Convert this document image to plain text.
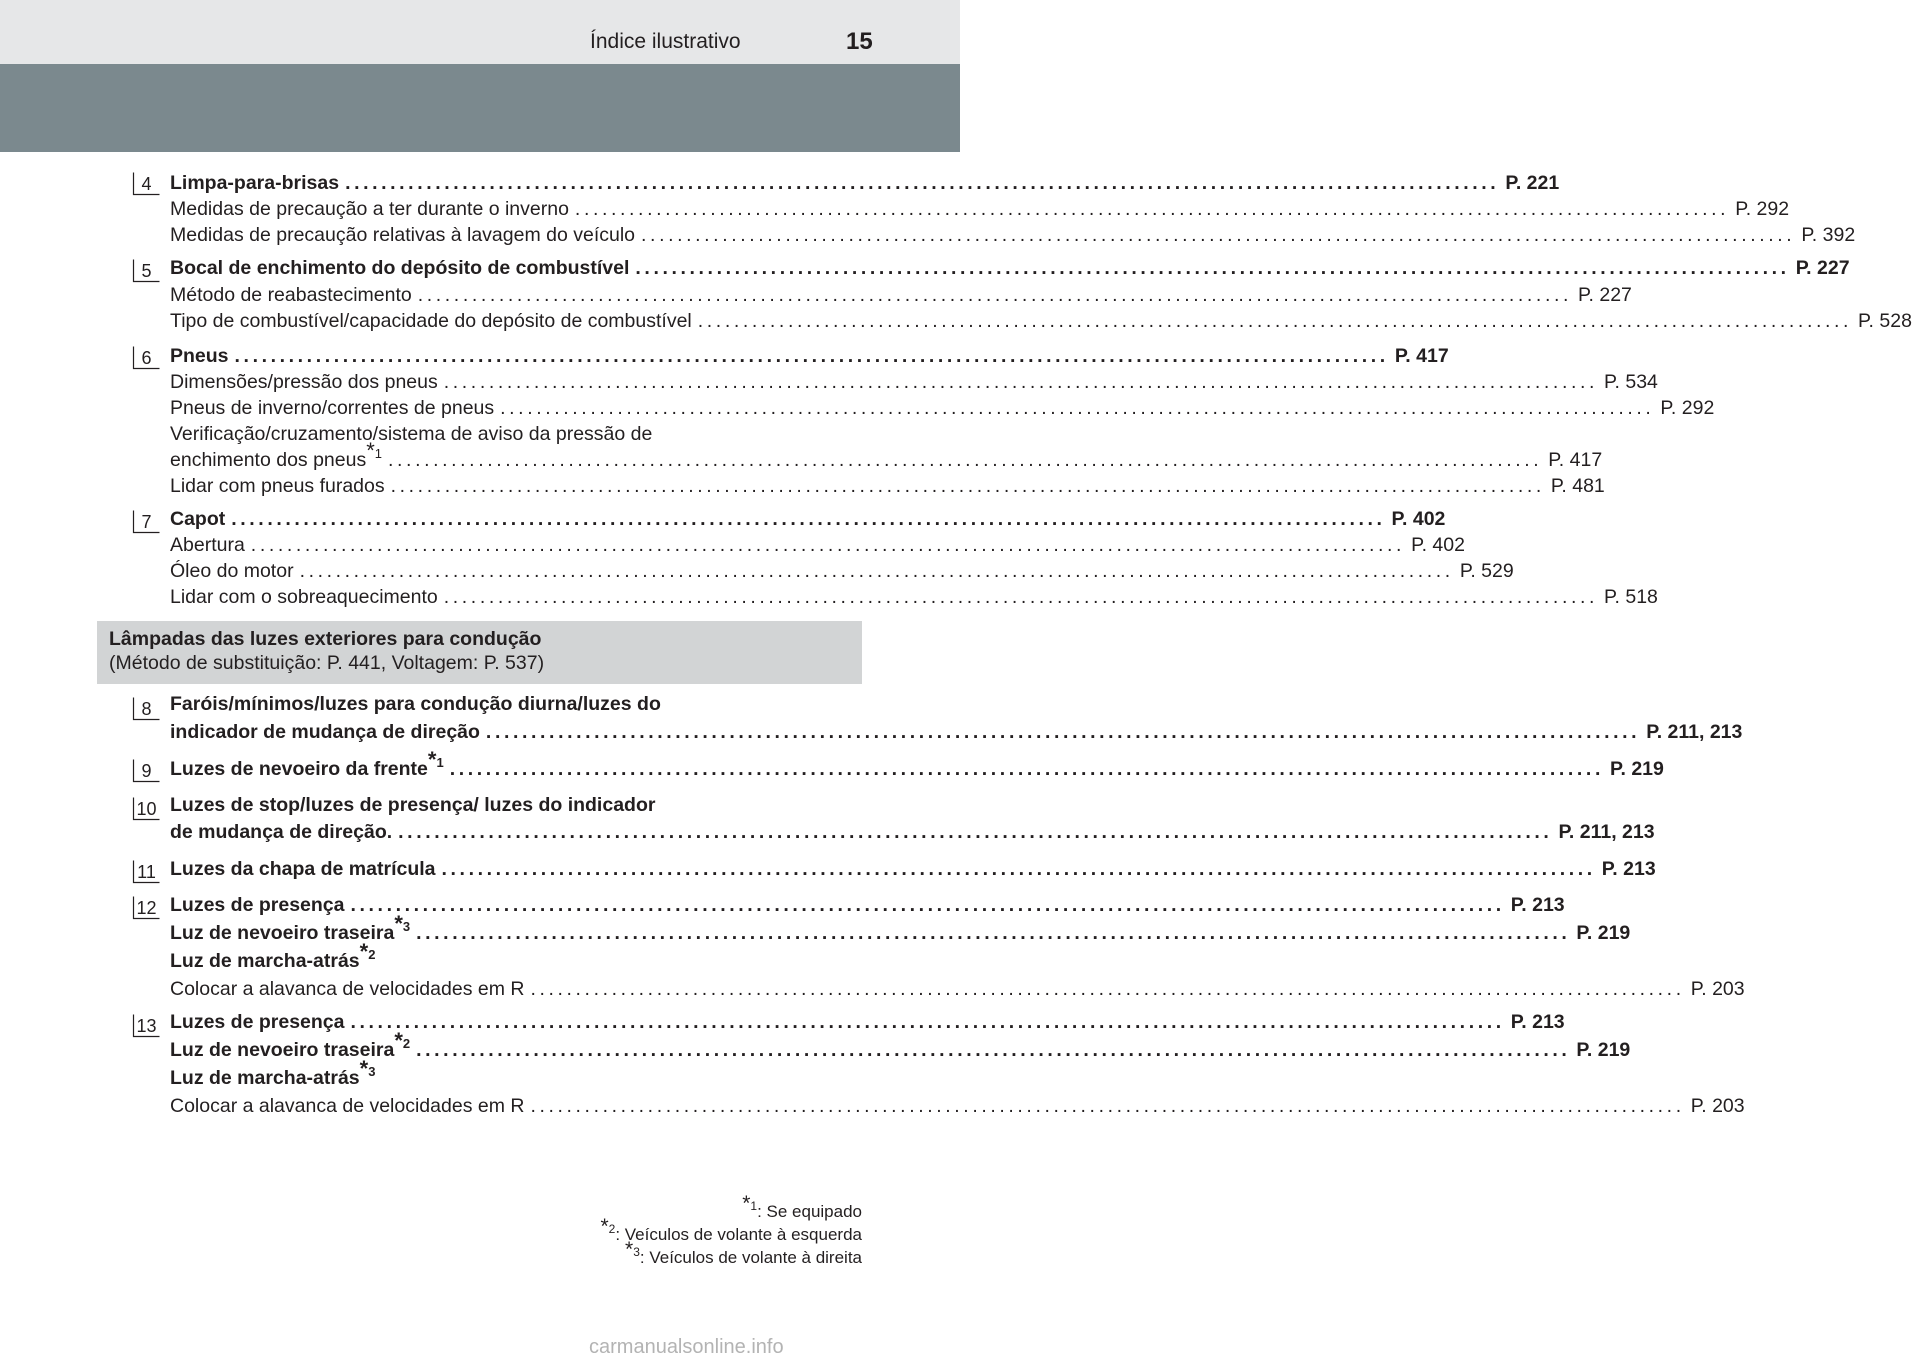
Índice ilustrativo	15
4 Limpa-para-brisas ................................................................................................................................ P. 221
Medidas de precaução a ter durante o inverno ................................................................................................................................ P. 292
Medidas de precaução relativas à lavagem do veículo ................................................................................................................................ P. 392
5 Bocal de enchimento do depósito de combustível ................................................................................................................................ P. 227
Método de reabastecimento ................................................................................................................................ P. 227
Tipo de combustível/capacidade do depósito de combustível ................................................................................................................................ P. 528
6 Pneus ................................................................................................................................ P. 417
Dimensões/pressão dos pneus ................................................................................................................................ P. 534
Pneus de inverno/correntes de pneus ................................................................................................................................ P. 292
Verificação/cruzamento/sistema de aviso da pressão de
enchimento dos pneus$^{*1}$ ................................................................................................................................ P. 417
Lidar com pneus furados ................................................................................................................................ P. 481
7 Capot ................................................................................................................................ P. 402
Abertura ................................................................................................................................ P. 402
Óleo do motor ................................................................................................................................ P. 529
Lidar com o sobreaquecimento ................................................................................................................................ P. 518
8 Faróis/mínimos/luzes para condução diurna/luzes do
indicador de mudança de direção ................................................................................................................................ P. 211, 213
9 Luzes de nevoeiro da frente$^{*1}$ ................................................................................................................................ P. 219
10 Luzes de stop/luzes de presença/ luzes do indicador
de mudança de direção. ................................................................................................................................ P. 211, 213
11 Luzes da chapa de matrícula ................................................................................................................................ P. 213
12 Luzes de presença ................................................................................................................................ P. 213
Luz de nevoeiro traseira$^{*3}$ ................................................................................................................................ P. 219
Luz de marcha-atrás$^{*2}$
Colocar a alavanca de velocidades em R ................................................................................................................................ P. 203
13 Luzes de presença ................................................................................................................................ P. 213
Luz de nevoeiro traseira$^{*2}$ ................................................................................................................................ P. 219
Luz de marcha-atrás$^{*3}$
Colocar a alavanca de velocidades em R ................................................................................................................................ P. 203
Lâmpadas das luzes exteriores para condução
(Método de substituição: P. 441, Voltagem: P. 537)
$^{*1}$: Se equipado
$^{*2}$: Veículos de volante à esquerda
$^{*3}$: Veículos de volante à direita
carmanualsonline.info
